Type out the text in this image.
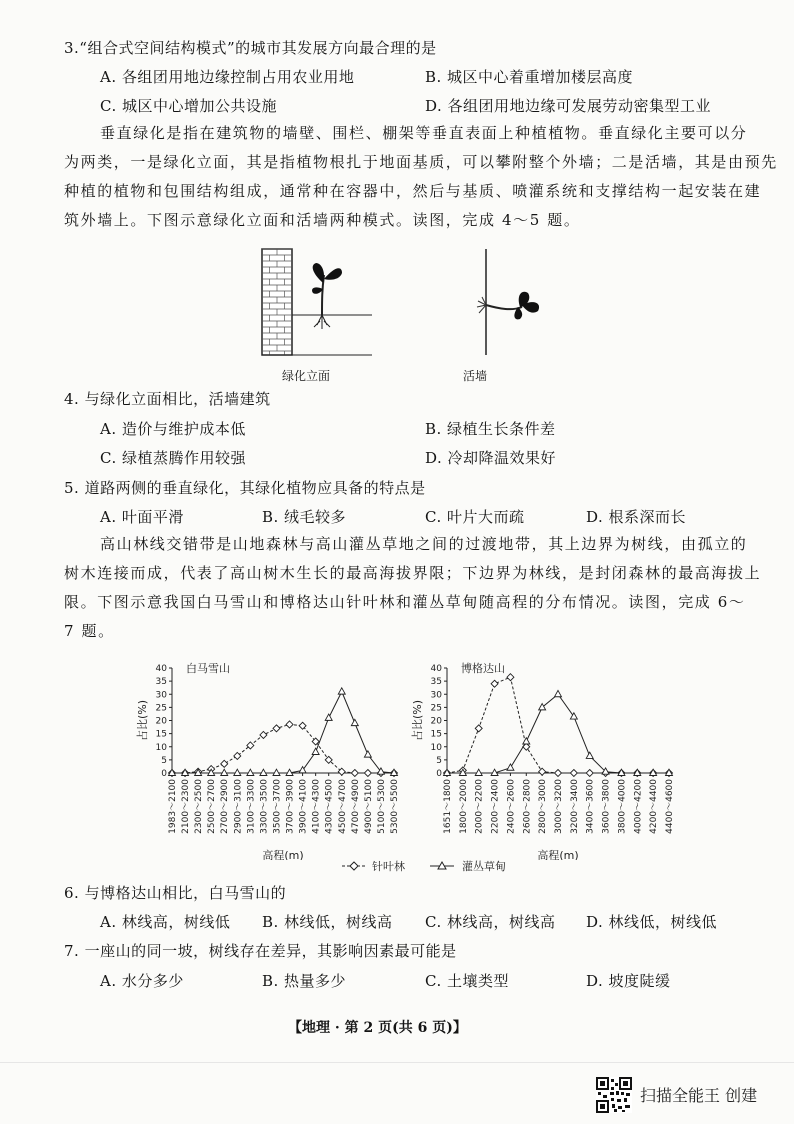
3.“组合式空间结构模式”的城市其发展方向最合理的是
A. 各组团用地边缘控制占用农业用地	B. 城区中心着重增加楼层高度
C. 城区中心增加公共设施	D. 各组团用地边缘可发展劳动密集型工业
垂直绿化是指在建筑物的墙壁、围栏、棚架等垂直表面上种植植物。垂直绿化主要可以分
为两类，一是绿化立面，其是指植物根扎于地面基质，可以攀附整个外墙；二是活墙，其是由预先
种植的植物和包围结构组成，通常种在容器中，然后与基质、喷灌系统和支撑结构一起安装在建
筑外墙上。下图示意绿化立面和活墙两种模式。读图，完成 4～5 题。
绿化立面	活墙
4. 与绿化立面相比，活墙建筑
A. 造价与维护成本低	B. 绿植生长条件差
C. 绿植蒸腾作用较强	D. 冷却降温效果好
5. 道路两侧的垂直绿化，其绿化植物应具备的特点是
A. 叶面平滑	B. 绒毛较多	C. 叶片大而疏	D. 根系深而长
高山林线交错带是山地森林与高山灌丛草地之间的过渡地带，其上边界为树线，由孤立的
树木连接而成，代表了高山树木生长的最高海拔界限；下边界为林线，是封闭森林的最高海拔上
限。下图示意我国白马雪山和博格达山针叶林和灌丛草甸随高程的分布情况。读图，完成 6～
7 题。
0
5
10
15
20
25
30
35
40
1983～2100 2100～2300 2300～2500 2500～2700 2700～2900 2900～3100 3100～3300 3300～3500 3500～3700 3700～3900 3900～4100 4100～4300 4300～4500 4500～4700 4700～4900 4900～5100 5100～5300 5300～5500
白马雪山
占比(%)
高程(m)
0
5
10
15
20
25
30
35
40
1651～1800 1800～2000 2000～2200 2200～2400 2400～2600 2600～2800 2800～3000 3000～3200 3200～3400 3400～3600 3600～3800 3800～4000 4000～4200 4200～4400 4400～4600
博格达山
占比(%)
高程(m)
针叶林	灌丛草甸
6. 与博格达山相比，白马雪山的
A. 林线高，树线低 B. 林线低，树线高 C. 林线高，树线高 D. 林线低，树线低
7. 一座山的同一坡，树线存在差异，其影响因素最可能是
A. 水分多少	B. 热量多少	C. 土壤类型	D. 坡度陡缓
【地理 · 第 2 页(共 6 页)】
扫描全能王 创建
